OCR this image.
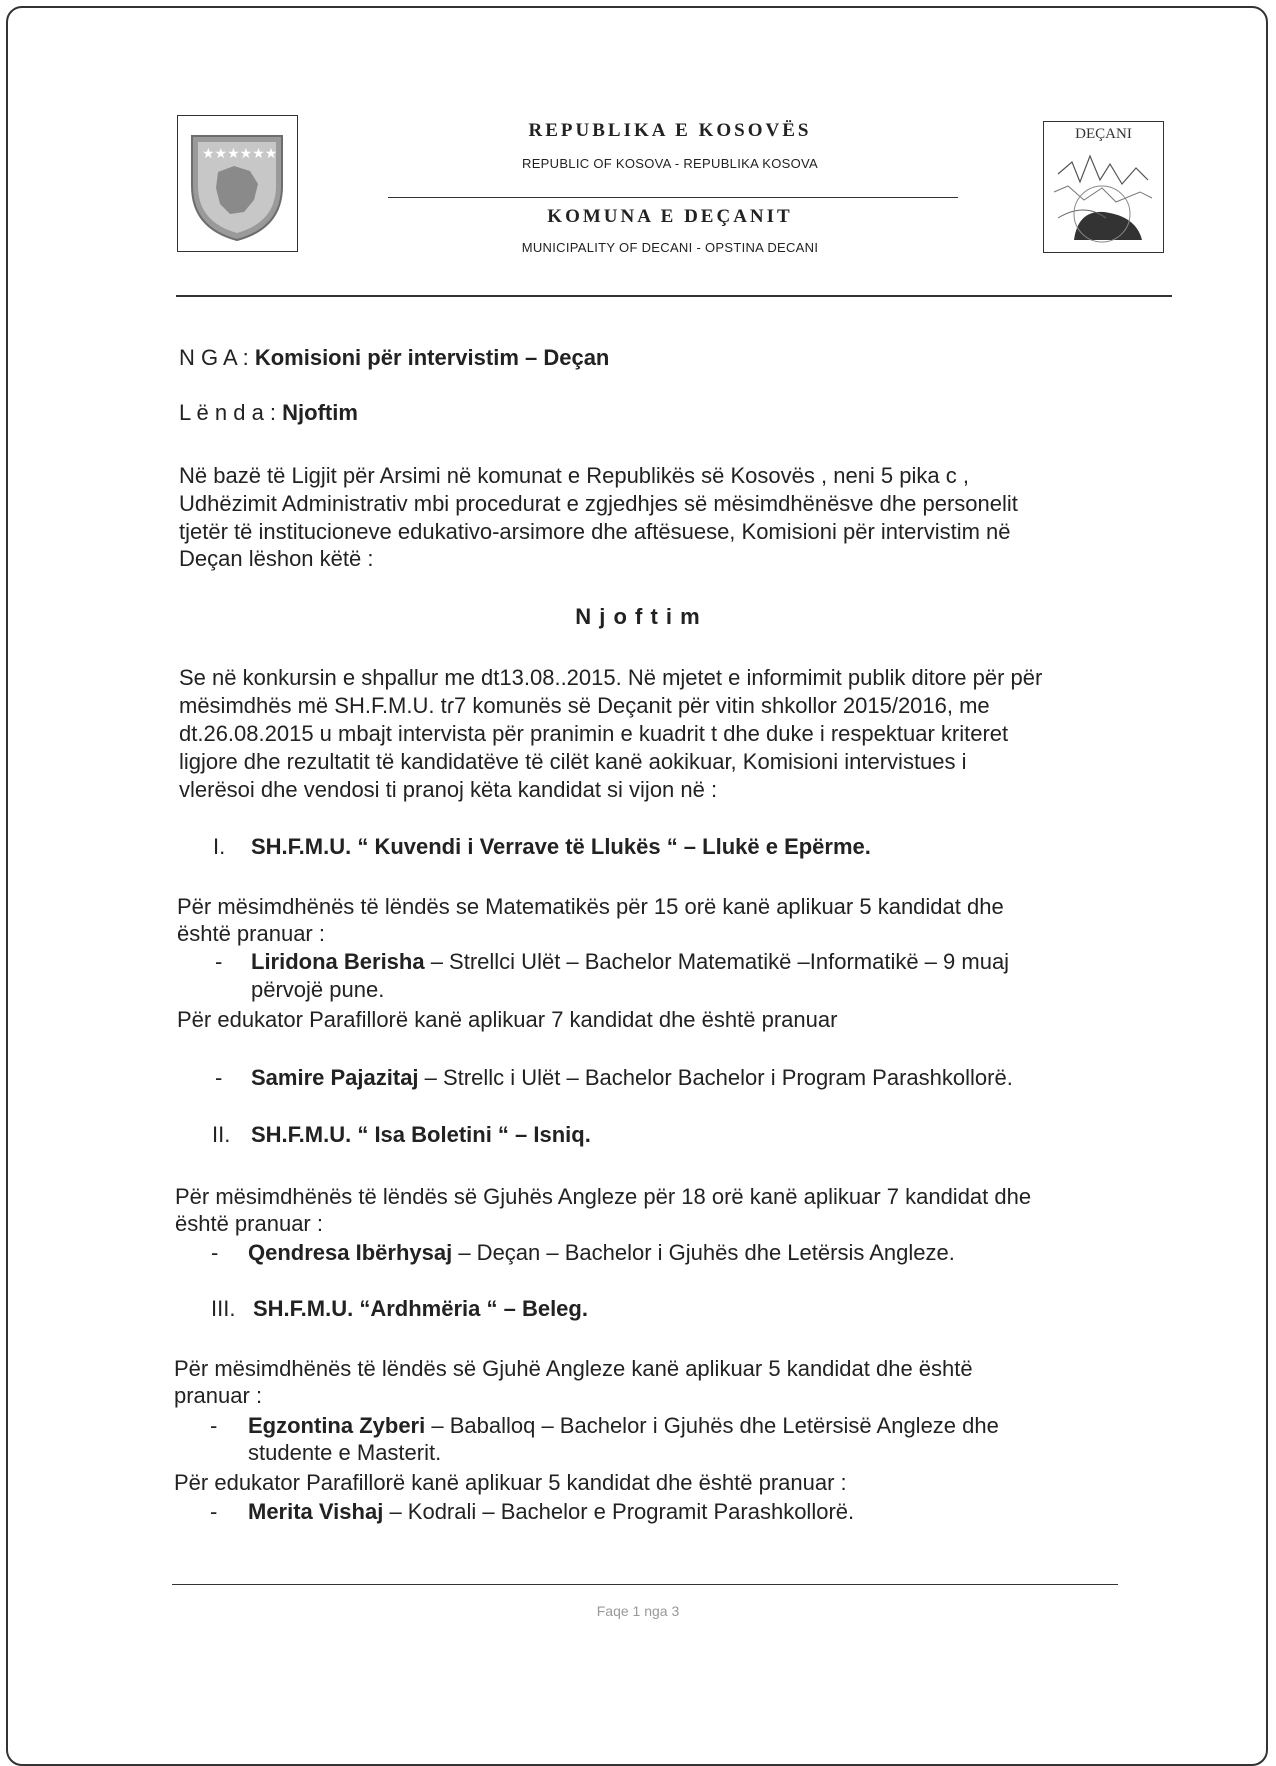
★★★★★★
REPUBLIKA E KOSOVËS
REPUBLIC OF KOSOVA - REPUBLIKA KOSOVA
KOMUNA E DEÇANIT
MUNICIPALITY OF DECANI - OPSTINA DECANI
DEÇANI
N G A : Komisioni për intervistim – Deçan
L ë n d a : Njoftim
Në bazë të Ligjit për Arsimi në komunat e Republikës së Kosovës , neni 5 pika c ,
Udhëzimit Administrativ mbi procedurat e zgjedhjes së mësimdhënësve dhe personelit
tjetër të institucioneve edukativo-arsimore dhe aftësuese, Komisioni për intervistim në
Deçan lëshon këtë :
N j o f t i m
Se në konkursin e shpallur me dt13.08..2015. Në mjetet e informimit publik ditore për për
mësimdhës më SH.F.M.U. tɾ7 komunës së Deçanit për vitin shkollor 2015/2016, me
dt.26.08.2015 u mbajt intervista për pranimin e kuadrit t dhe duke i respektuar kriteret
ligjore dhe rezultatit të kandidatëve të cilët kanë aokikuar, Komisioni intervistues i
vlerësoi dhe vendosi ti pranoj këta kandidat si vijon në :
I. SH.F.M.U. “ Kuvendi i Verrave të Llukës “ – Llukë e Epërme.
Për mësimdhënës të lëndës se Matematikës për 15 orë kanë aplikuar 5 kandidat dhe
është pranuar :
- Liridona Berisha – Strellci Ulët – Bachelor Matematikë –Informatikë – 9 muaj
përvojë pune.
Për edukator Parafillorë kanë aplikuar 7 kandidat dhe është pranuar
- Samire Pajazitaj – Strellc i Ulët – Bachelor Bachelor i Program Parashkollorë.
II. SH.F.M.U. “ Isa Boletini “ – Isniq.
Për mësimdhënës të lëndës së Gjuhës Angleze për 18 orë kanë aplikuar 7 kandidat dhe
është pranuar :
- Qendresa Ibërhysaj – Deçan – Bachelor i Gjuhës dhe Letërsis Angleze.
III. SH.F.M.U. “Ardhmëria “ – Beleg.
Për mësimdhënës të lëndës së Gjuhë Angleze kanë aplikuar 5 kandidat dhe është
pranuar :
- Egzontina Zyberi – Baballoq – Bachelor i Gjuhës dhe Letërsisë Angleze dhe
studente e Masterit.
Për edukator Parafillorë kanë aplikuar 5 kandidat dhe është pranuar :
- Merita Vishaj – Kodrali – Bachelor e Programit Parashkollorë.
Faqe 1 nga 3
